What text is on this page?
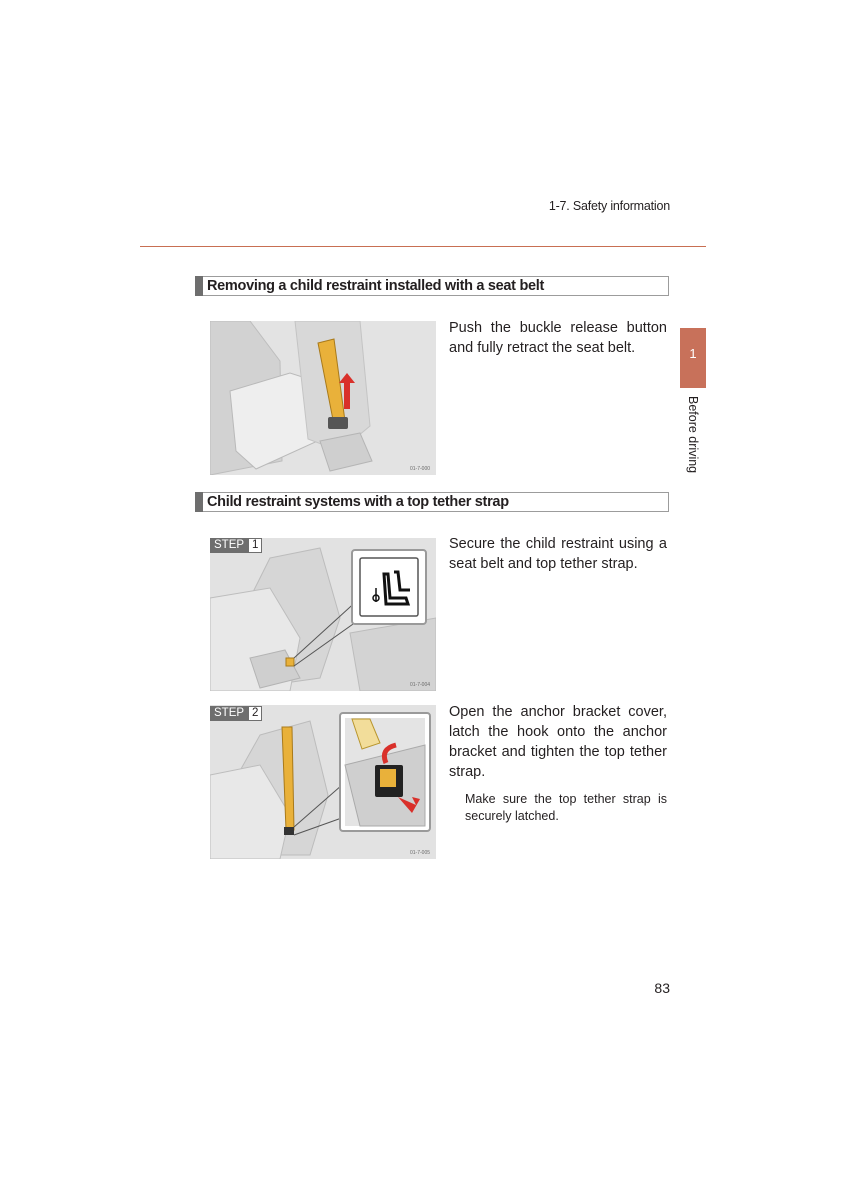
1-7. Safety information
1
Before driving
Removing a child restraint installed with a seat belt
01-7-000
Push the buckle release button and fully retract the seat belt.
Child restraint systems with a top tether strap
01-7-004
STEP 1	Secure the child restraint using a seat belt and top tether strap.
01-7-005
STEP 2	Open the anchor bracket cover, latch the hook onto the anchor bracket and tighten the top tether strap.
Make sure the top tether strap is securely latched.
83
